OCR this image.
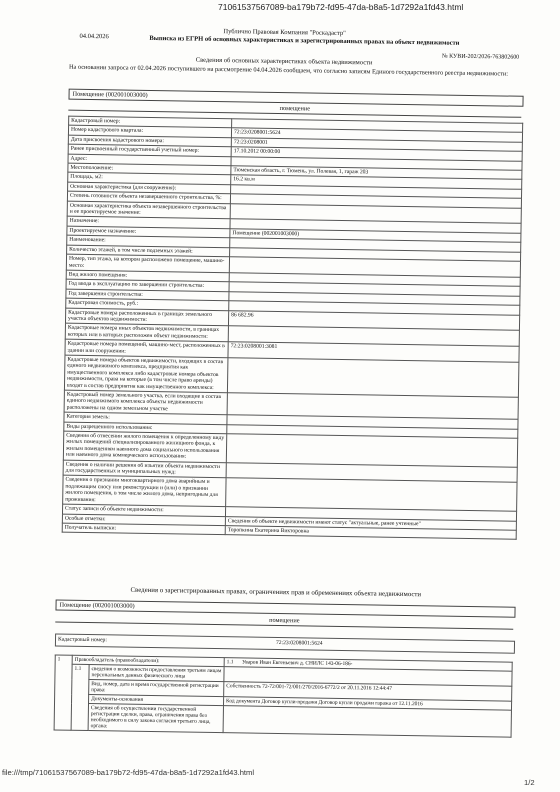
71061537567089-ba179b72-fd95-47da-b8a5-1d7292a1fd43.html
04.04.2026	Публично Правовая Компания "Роскадастр"
Выписка из ЕГРН об основных характеристиках и зарегистрированных правах на объект недвижимости
№ КУВИ-202/2026-763802600
Сведения об основных характеристиках объекта недвижимости
На основании запроса от 02.04.2026 поступившего на рассмотрение 04.04.2026 сообщаем, что согласно записям Единого государственного реестра недвижимости:
Помещение (002001003000)
помещение
Кадастровый номер:	
Номер кадастрового квартала:	72:23:0208001:5624
Дата присвоения кадастрового номера:	72:23:0208001
Ранее присвоенный государственный учетный номер:	17.10.2012 00:00:00
Адрес:	
Местоположение:	Тюменская область, г. Тюмень, ул. Полевая, 1, гараж 203
Площадь, м2:	16.2 кв.м
Основная характеристика (для сооружения):	
Степень готовности объекта незавершенного строительства, %:	
Основная характеристика объекта незавершенного строительства и ее проектируемое значение:	
Назначение:	
Проектируемое назначение:	Помещение (002001003000)
Наименование:	
Количество этажей, в том числе подземных этажей:	
Номер, тип этажа, на котором расположено помещение, машино-место:	
Вид жилого помещения:	
Год ввода в эксплуатацию по завершении строительства:	
Год завершения строительства:	
Кадастровая стоимость, руб.:	
Кадастровые номера расположенных в границах земельного участка объектов недвижимости:	86 682.96
Кадастровые номера иных объектов недвижимости, в границах которых или в которых расположен объект недвижимости:	
Кадастровые номера помещений, машино-мест, расположенных в здании или сооружении:	72:23:0208001:3081
Кадастровые номера объектов недвижимости, входящих в состав единого недвижимого комплекса, предприятия как имущественного комплекса либо кадастровые номера объектов недвижимости, права на которые (в том числе право аренды) входят в состав предприятия как имущественного комплекса:	
Кадастровый номер земельного участка, если входящие в состав единого недвижимого комплекса объекты недвижимости расположены на одном земельном участке	
Категория земель:	
Виды разрешенного использования:	
Сведения об отнесении жилого помещения к определенному виду жилых помещений специализированного жилищного фонда, к жилым помещениям наемного дома социального использования или наемного дома коммерческого использования:	
Сведения о наличии решения об изъятии объекта недвижимости для государственных и муниципальных нужд:	
Сведения о признании многоквартирного дома аварийным и подлежащим сносу или реконструкции и (или) о признании жилого помещения, в том числе жилого дома, непригодным для проживания:	
Статус записи об объекте недвижимости:	
Особые отметки:	Сведения об объекте недвижимости имеют статус "актуальные, ранее учтенные"
Получатель выписки:	Торопкина Екатерина Викторовна
Сведения о зарегистрированных правах, ограничениях прав и обременениях объекта недвижимости
Помещение (002001003000)
помещение
Кадастровый номер:
72:23:0208001:5624
1	Правообладатель (правообладатели):		1.1 Уваров Иван Евгеньевич д. СНИЛС 143-06-186-
	1.1	сведения о возможности предоставления третьим лицам персональных данных физического лица	
		Вид, номер, дата и время государственной регистрации права:	Собственность 72-72/001-72/001/270/2016-6772/2 от 20.11.2016 12:44:47
		Документы-основания	Код документа Договор купли-продажи Договор купли продажи гаража от 12.11.2016
		Сведения об осуществлении государственной регистрации сделки, права, ограничения права без необходимого в силу закона согласия третьего лица, органа:	
file:///tmp/71061537567089-ba179b72-fd95-47da-b8a5-1d7292a1fd43.html
1/2
